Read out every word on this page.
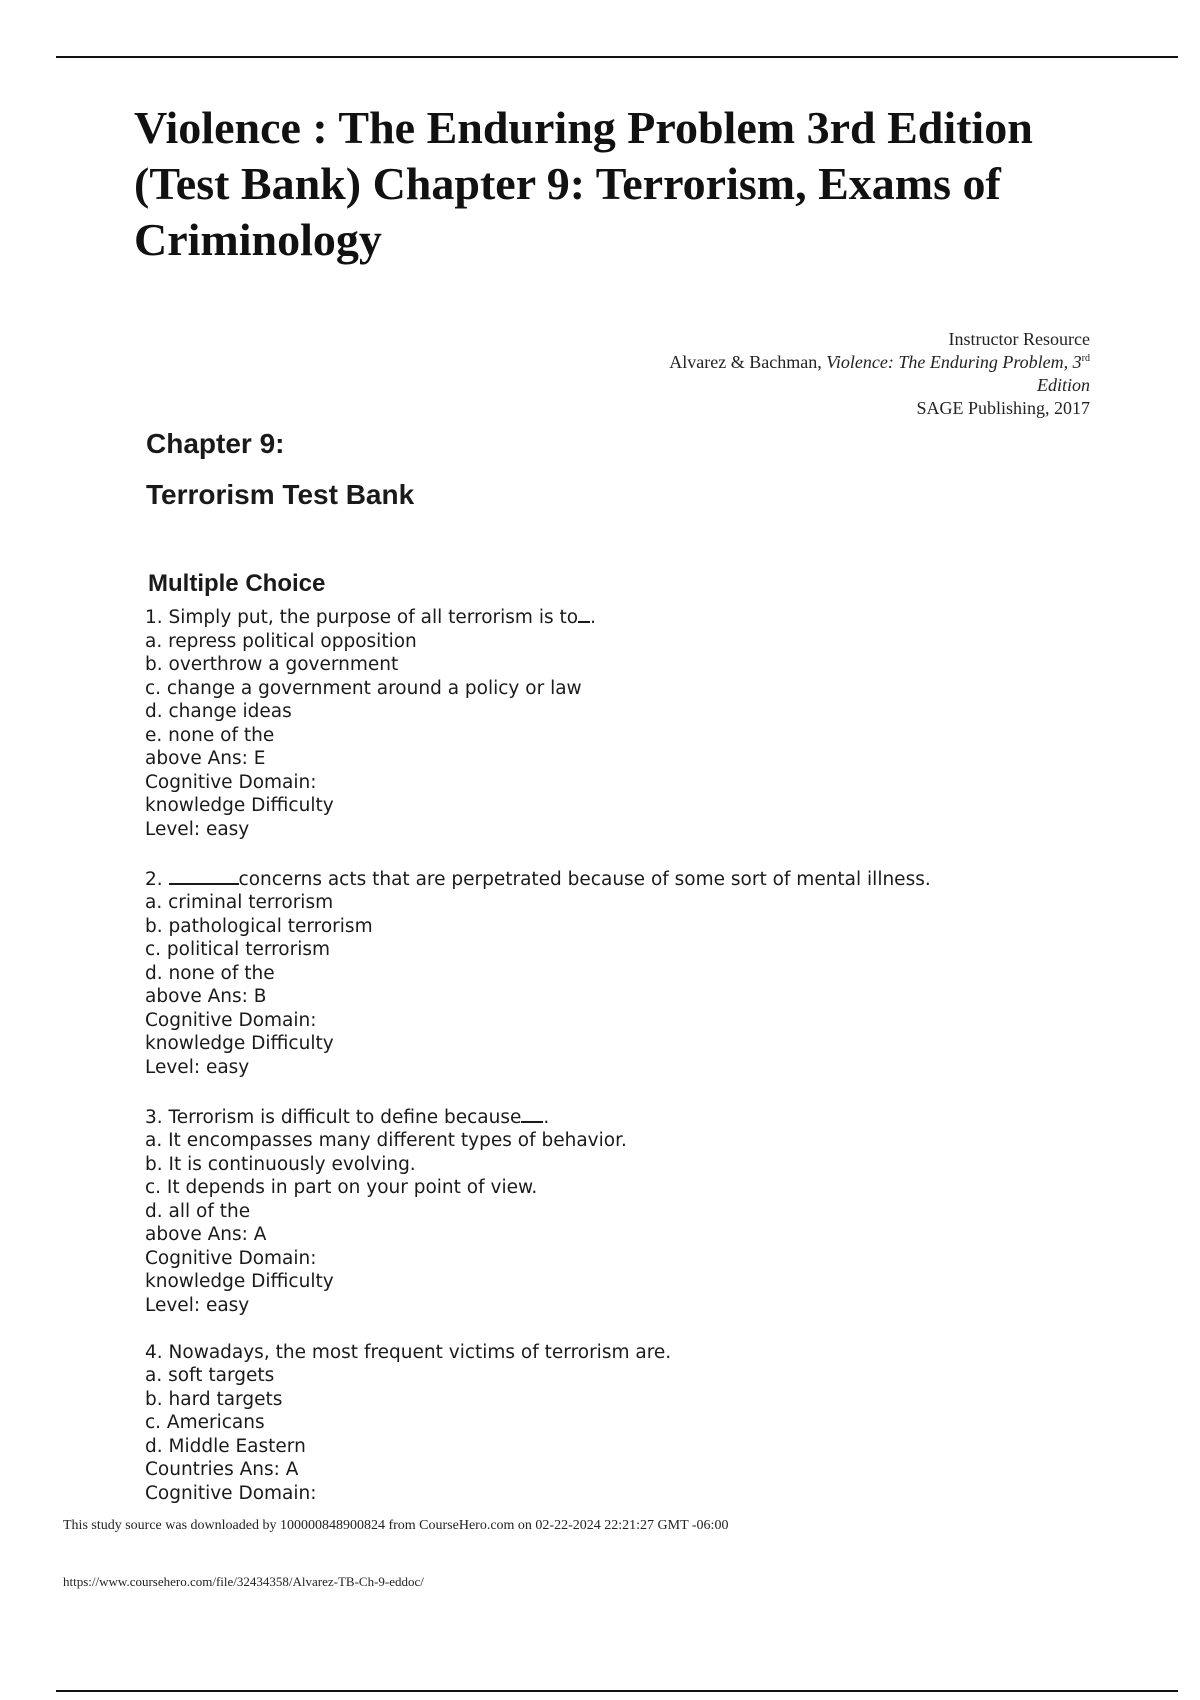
Violence : The Enduring Problem 3rd Edition (Test Bank) Chapter 9: Terrorism, Exams of Criminology
Instructor Resource
Alvarez & Bachman, Violence: The Enduring Problem, 3rd
Edition
SAGE Publishing, 2017
Chapter 9:
Terrorism Test Bank
Multiple Choice
1. Simply put, the purpose of all terrorism is to .
a. repress political opposition
b. overthrow a government
c. change a government around a policy or law
d. change ideas
e. none of the
above Ans: E
Cognitive Domain:
knowledge Difficulty
Level: easy
2.	concerns acts that are perpetrated because of some sort of mental illness.
a. criminal terrorism
b. pathological terrorism
c. political terrorism
d. none of the
above Ans: B
Cognitive Domain:
knowledge Difficulty
Level: easy
3. Terrorism is difficult to define because .
a. It encompasses many different types of behavior.
b. It is continuously evolving.
c. It depends in part on your point of view.
d. all of the
above Ans: A
Cognitive Domain:
knowledge Difficulty
Level: easy
4. Nowadays, the most frequent victims of terrorism are.
a. soft targets
b. hard targets
c. Americans
d. Middle Eastern
Countries Ans: A
Cognitive Domain:
This study source was downloaded by 100000848900824 from CourseHero.com on 02-22-2024 22:21:27 GMT -06:00
https://www.coursehero.com/file/32434358/Alvarez-TB-Ch-9-eddoc/
